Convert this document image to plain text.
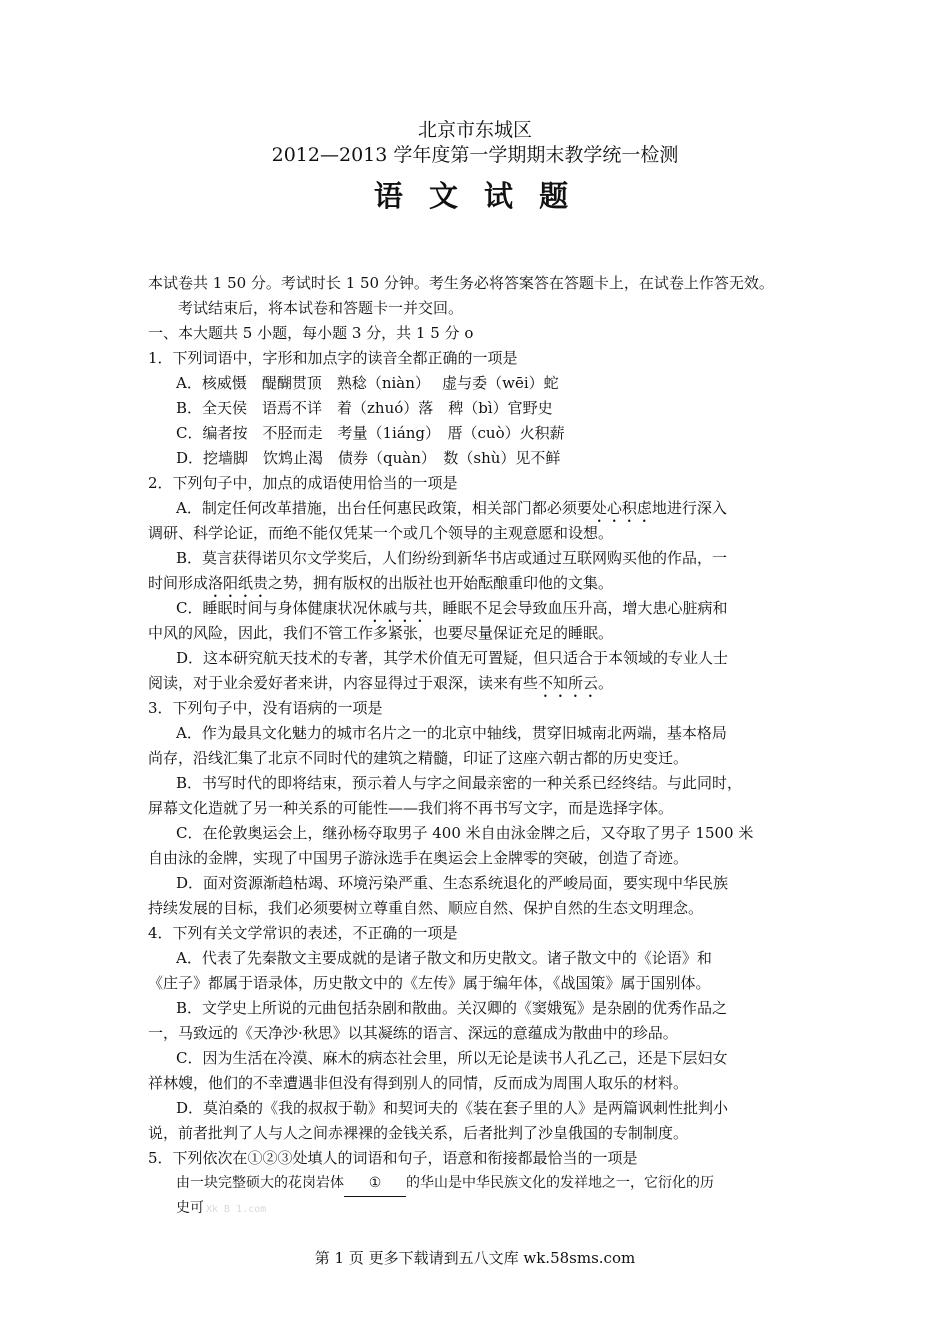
北京市东城区
2012—2013 学年度第一学期期末教学统一检测
语 文 试 题
本试卷共 1 50 分。考试时长 1 50 分钟。考生务必将答案答在答题卡上，在试卷上作答无效。
考试结束后，将本试卷和答题卡一并交回。
一、本大题共 5 小题，每小题 3 分，共 1 5 分 o
1．下列词语中，字形和加点字的读音全都正确的一项是
A．核威慑　醍醐贯顶　熟稔（niàn）　 虚与委（wēi）蛇
B．全天侯　语焉不详　着（zhuó）落　稗（bì）官野史
C．编者按　不胫而走　考量（1iáng）　厝（cuò）火积薪
D．挖墙脚　饮鸩止渴　债券（quàn）　数（shù）见不鲜
2．下列句子中，加点的成语使用恰当的一项是
A．制定任何改革措施，出台任何惠民政策，相关部门都必须要处心积虑地进行深入
调研、科学论证，而绝不能仅凭某一个或几个领导的主观意愿和设想。
B．莫言获得诺贝尔文学奖后，人们纷纷到新华书店或通过互联网购买他的作品，一
时间形成洛阳纸贵之势，拥有版权的出版社也开始酝酿重印他的文集。
C．睡眠时间与身体健康状况休戚与共，睡眠不足会导致血压升高，增大患心脏病和
中风的风险，因此，我们不管工作多紧张，也要尽量保证充足的睡眠。
D．这本研究航天技术的专著，其学术价值无可置疑，但只适合于本领域的专业人士
阅读，对于业余爱好者来讲，内容显得过于艰深，读来有些不知所云。
3．下列句子中，没有语病的一项是
A．作为最具文化魅力的城市名片之一的北京中轴线，贯穿旧城南北两端，基本格局
尚存，沿线汇集了北京不同时代的建筑之精髓，印证了这座六朝古都的历史变迁。
B．书写时代的即将结束，预示着人与字之间最亲密的一种关系已经终结。与此同时，
屏幕文化造就了另一种关系的可能性——我们将不再书写文字，而是选择字体。
C．在伦敦奥运会上，继孙杨夺取男子 400 米自由泳金牌之后，又夺取了男子 1500 米
自由泳的金牌，实现了中国男子游泳选手在奥运会上金牌零的突破，创造了奇迹。
D．面对资源渐趋枯竭、环境污染严重、生态系统退化的严峻局面，要实现中华民族
持续发展的目标，我们必须要树立尊重自然、顺应自然、保护自然的生态文明理念。
4．下列有关文学常识的表述，不正确的一项是
A．代表了先秦散文主要成就的是诸子散文和历史散文。诸子散文中的《论语》和
《庄子》都属于语录体，历史散文中的《左传》属于编年体，《战国策》属于国别体。
B．文学史上所说的元曲包括杂剧和散曲。关汉卿的《窦娥冤》是杂剧的优秀作品之
一，马致远的《天净沙·秋思》以其凝练的语言、深远的意蕴成为散曲中的珍品。
C．因为生活在冷漠、麻木的病态社会里，所以无论是读书人孔乙己，还是下层妇女
祥林嫂，他们的不幸遭遇非但没有得到别人的同情，反而成为周围人取乐的材料。
D．莫泊桑的《我的叔叔于勒》和契诃夫的《装在套子里的人》是两篇讽刺性批判小
说，前者批判了人与人之间赤裸裸的金钱关系，后者批判了沙皇俄国的专制制度。
5．下列依次在①②③处填人的词语和句子，语意和衔接都最恰当的一项是
由一块完整硕大的花岗岩体 ① 的华山是中华民族文化的发祥地之一，它衍化的历
史可 Xk B 1.com
第 1 页 更多下载请到五八文库 wk.58sms.com
